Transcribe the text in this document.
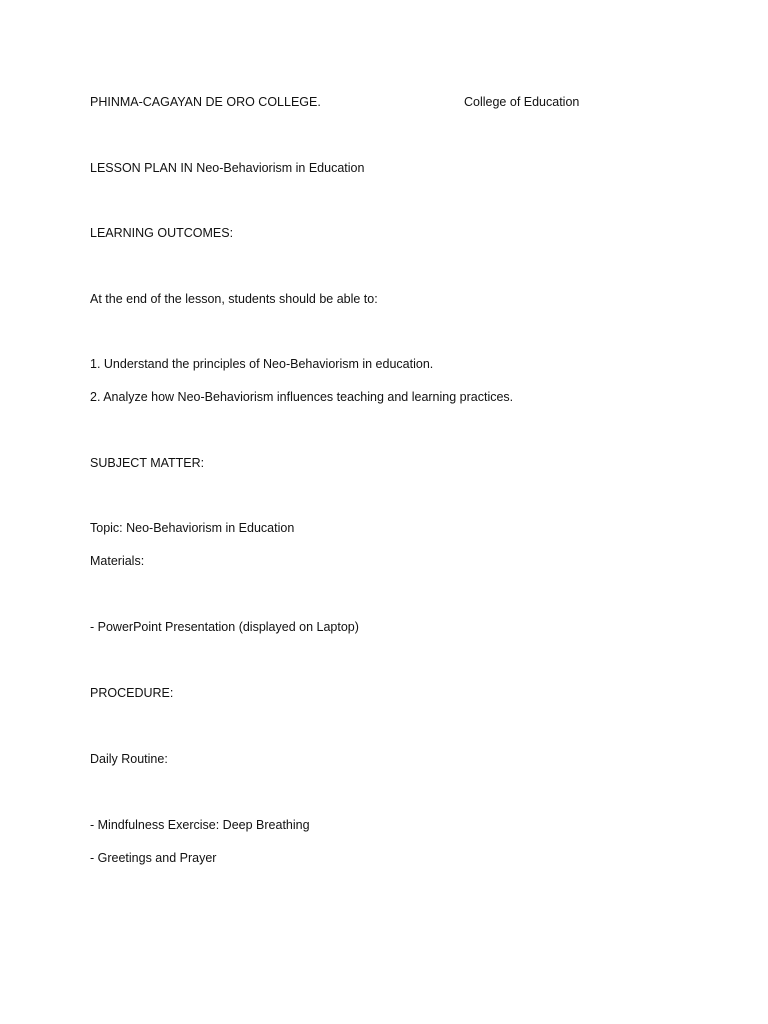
PHINMA-CAGAYAN DE ORO COLLEGE.	College of Education
LESSON PLAN IN Neo-Behaviorism in Education
LEARNING OUTCOMES:
At the end of the lesson, students should be able to:
1. Understand the principles of Neo-Behaviorism in education.
2. Analyze how Neo-Behaviorism influences teaching and learning practices.
SUBJECT MATTER:
Topic: Neo-Behaviorism in Education
Materials:
- PowerPoint Presentation (displayed on Laptop)
PROCEDURE:
Daily Routine:
- Mindfulness Exercise: Deep Breathing
- Greetings and Prayer
